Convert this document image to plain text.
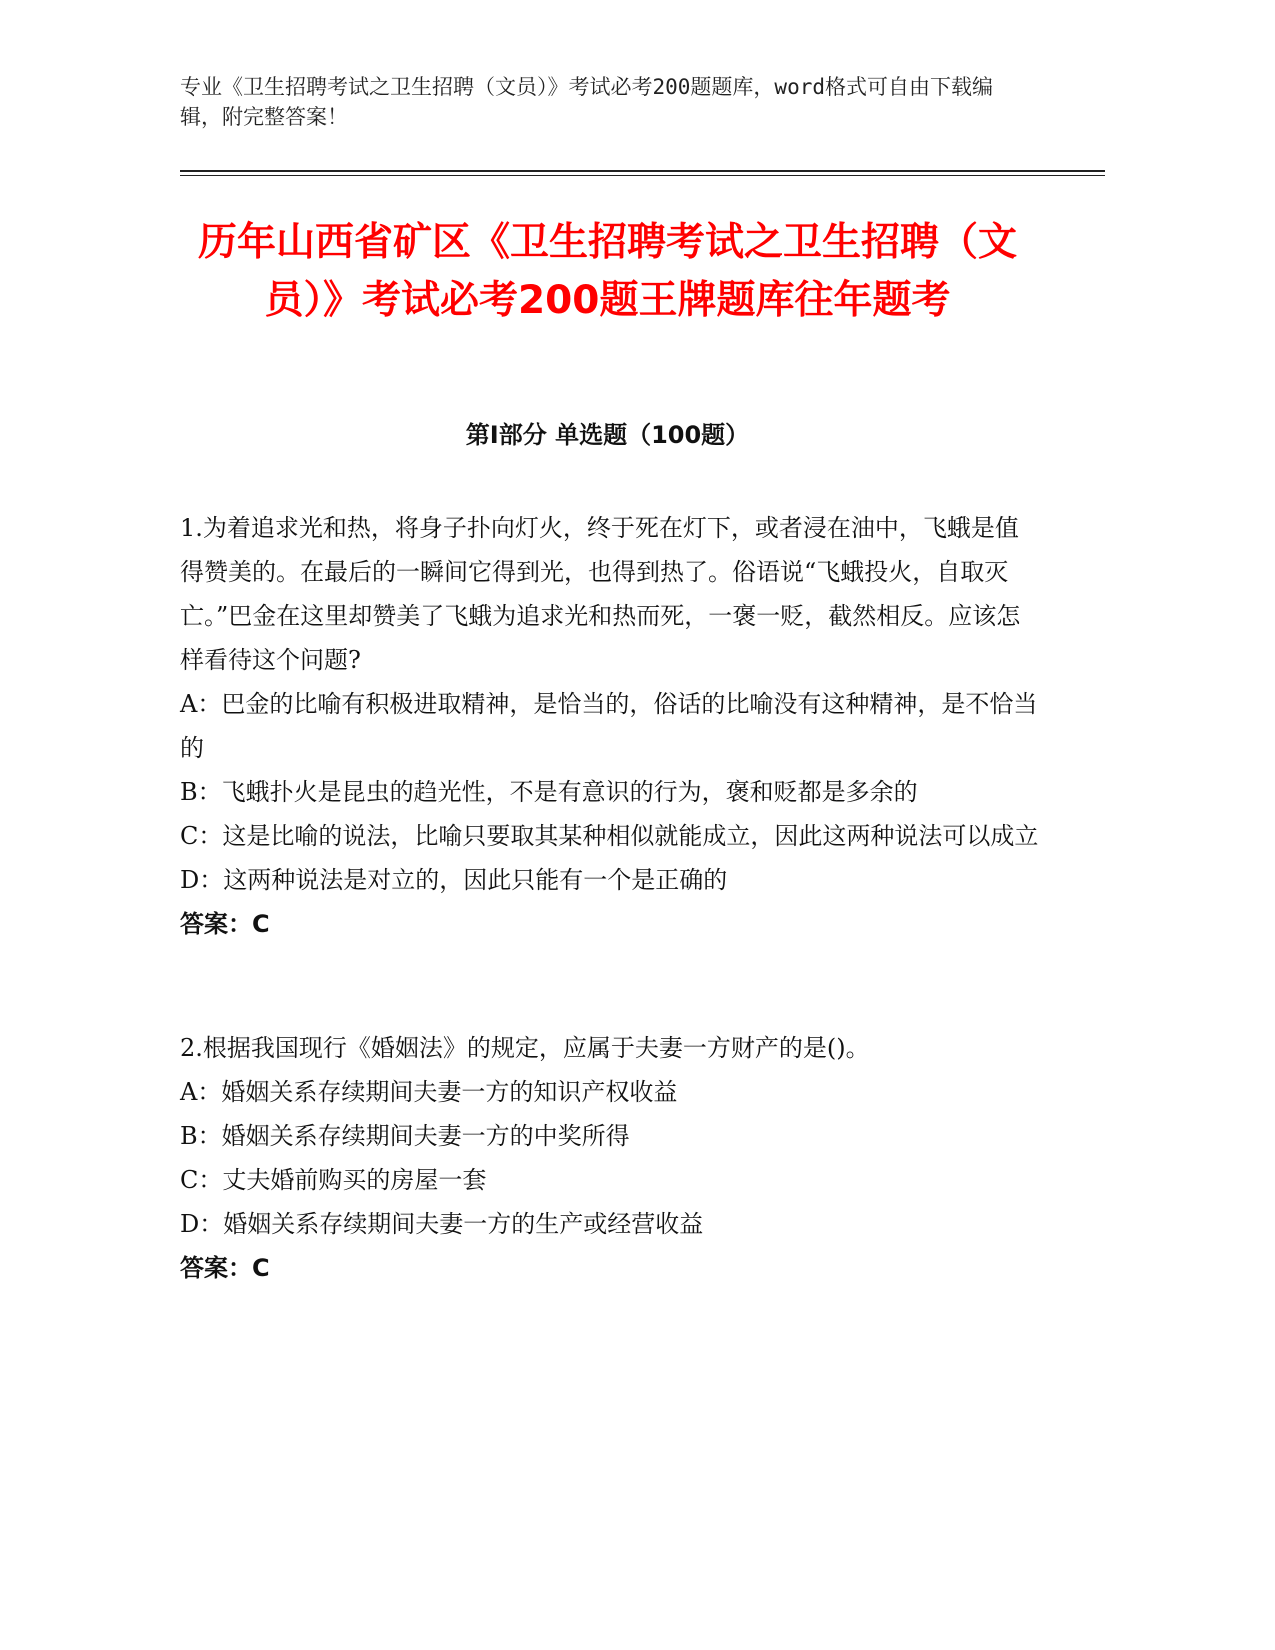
专业《卫生招聘考试之卫生招聘（文员）》考试必考200题题库，word格式可自由下载编辑，附完整答案！
历年山西省矿区《卫生招聘考试之卫生招聘（文员）》考试必考200题王牌题库往年题考
第I部分 单选题（100题）

1.为着追求光和热，将身子扑向灯火，终于死在灯下，或者浸在油中，飞蛾是值得赞美的。在最后的一瞬间它得到光，也得到热了。俗语说“飞蛾投火，自取灭亡。”巴金在这里却赞美了飞蛾为追求光和热而死，一褒一贬，截然相反。应该怎样看待这个问题?

A：巴金的比喻有积极进取精神，是恰当的，俗话的比喻没有这种精神，是不恰当的

B：飞蛾扑火是昆虫的趋光性，不是有意识的行为，褒和贬都是多余的

C：这是比喻的说法，比喻只要取其某种相似就能成立，因此这两种说法可以成立

D：这两种说法是对立的，因此只能有一个是正确的

答案：C

2.根据我国现行《婚姻法》的规定，应属于夫妻一方财产的是()。

A：婚姻关系存续期间夫妻一方的知识产权收益

B：婚姻关系存续期间夫妻一方的中奖所得

C：丈夫婚前购买的房屋一套

D：婚姻关系存续期间夫妻一方的生产或经营收益

答案：C
